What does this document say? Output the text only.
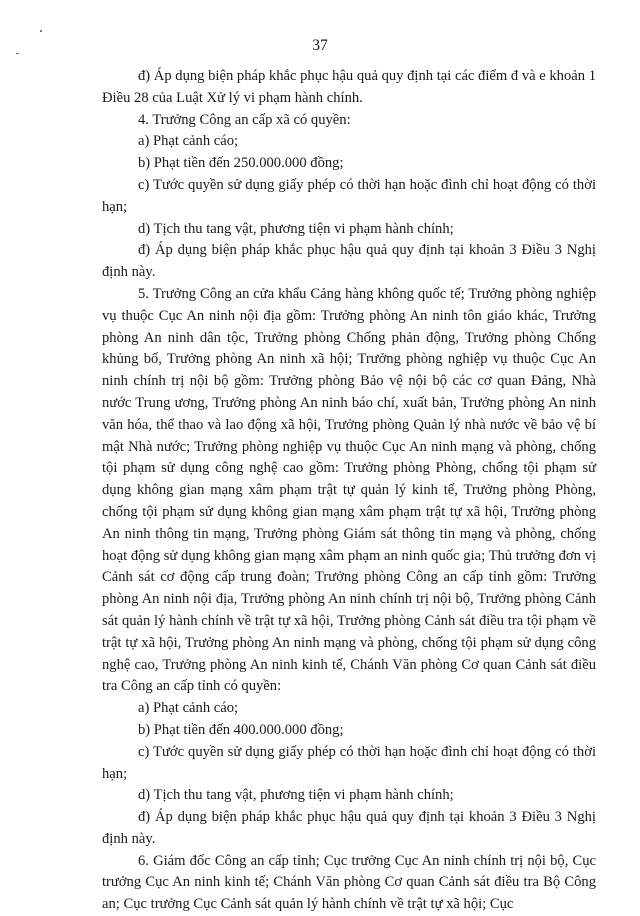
37

đ) Áp dụng biện pháp khắc phục hậu quả quy định tại các điểm đ và e khoản 1 Điều 28 của Luật Xử lý vi phạm hành chính.

4. Trưởng Công an cấp xã có quyền:

a) Phạt cảnh cáo;

b) Phạt tiền đến 250.000.000 đồng;

c) Tước quyền sử dụng giấy phép có thời hạn hoặc đình chỉ hoạt động có thời hạn;

d) Tịch thu tang vật, phương tiện vi phạm hành chính;

đ) Áp dụng biện pháp khắc phục hậu quả quy định tại khoản 3 Điều 3 Nghị định này.

5. Trưởng Công an cửa khẩu Cảng hàng không quốc tế; Trưởng phòng nghiệp vụ thuộc Cục An ninh nội địa gồm: Trưởng phòng An ninh tôn giáo khác, Trưởng phòng An ninh dân tộc, Trưởng phòng Chống phản động, Trưởng phòng Chống khủng bố, Trưởng phòng An ninh xã hội; Trưởng phòng nghiệp vụ thuộc Cục An ninh chính trị nội bộ gồm: Trưởng phòng Bảo vệ nội bộ các cơ quan Đảng, Nhà nước Trung ương, Trưởng phòng An ninh báo chí, xuất bản, Trưởng phòng An ninh văn hóa, thể thao và lao động xã hội, Trưởng phòng Quản lý nhà nước về bảo vệ bí mật Nhà nước; Trưởng phòng nghiệp vụ thuộc Cục An ninh mạng và phòng, chống tội phạm sử dụng công nghệ cao gồm: Trưởng phòng Phòng, chống tội phạm sử dụng không gian mạng xâm phạm trật tự quản lý kinh tế, Trưởng phòng Phòng, chống tội phạm sử dụng không gian mạng xâm phạm trật tự xã hội, Trưởng phòng An ninh thông tin mạng, Trưởng phòng Giám sát thông tin mạng và phòng, chống hoạt động sử dụng không gian mạng xâm phạm an ninh quốc gia; Thủ trưởng đơn vị Cảnh sát cơ động cấp trung đoàn; Trưởng phòng Công an cấp tỉnh gồm: Trưởng phòng An ninh nội địa, Trưởng phòng An ninh chính trị nội bộ, Trưởng phòng Cảnh sát quản lý hành chính về trật tự xã hội, Trưởng phòng Cảnh sát điều tra tội phạm về trật tự xã hội, Trưởng phòng An ninh mạng và phòng, chống tội phạm sử dụng công nghệ cao, Trưởng phòng An ninh kinh tế, Chánh Văn phòng Cơ quan Cảnh sát điều tra Công an cấp tỉnh có quyền:

a) Phạt cảnh cáo;

b) Phạt tiền đến 400.000.000 đồng;

c) Tước quyền sử dụng giấy phép có thời hạn hoặc đình chỉ hoạt động có thời hạn;

d) Tịch thu tang vật, phương tiện vi phạm hành chính;

đ) Áp dụng biện pháp khắc phục hậu quả quy định tại khoản 3 Điều 3 Nghị định này.

6. Giám đốc Công an cấp tỉnh; Cục trưởng Cục An ninh chính trị nội bộ, Cục trưởng Cục An ninh kinh tế; Chánh Văn phòng Cơ quan Cảnh sát điều tra Bộ Công an; Cục trưởng Cục Cảnh sát quản lý hành chính về trật tự xã hội; Cục
